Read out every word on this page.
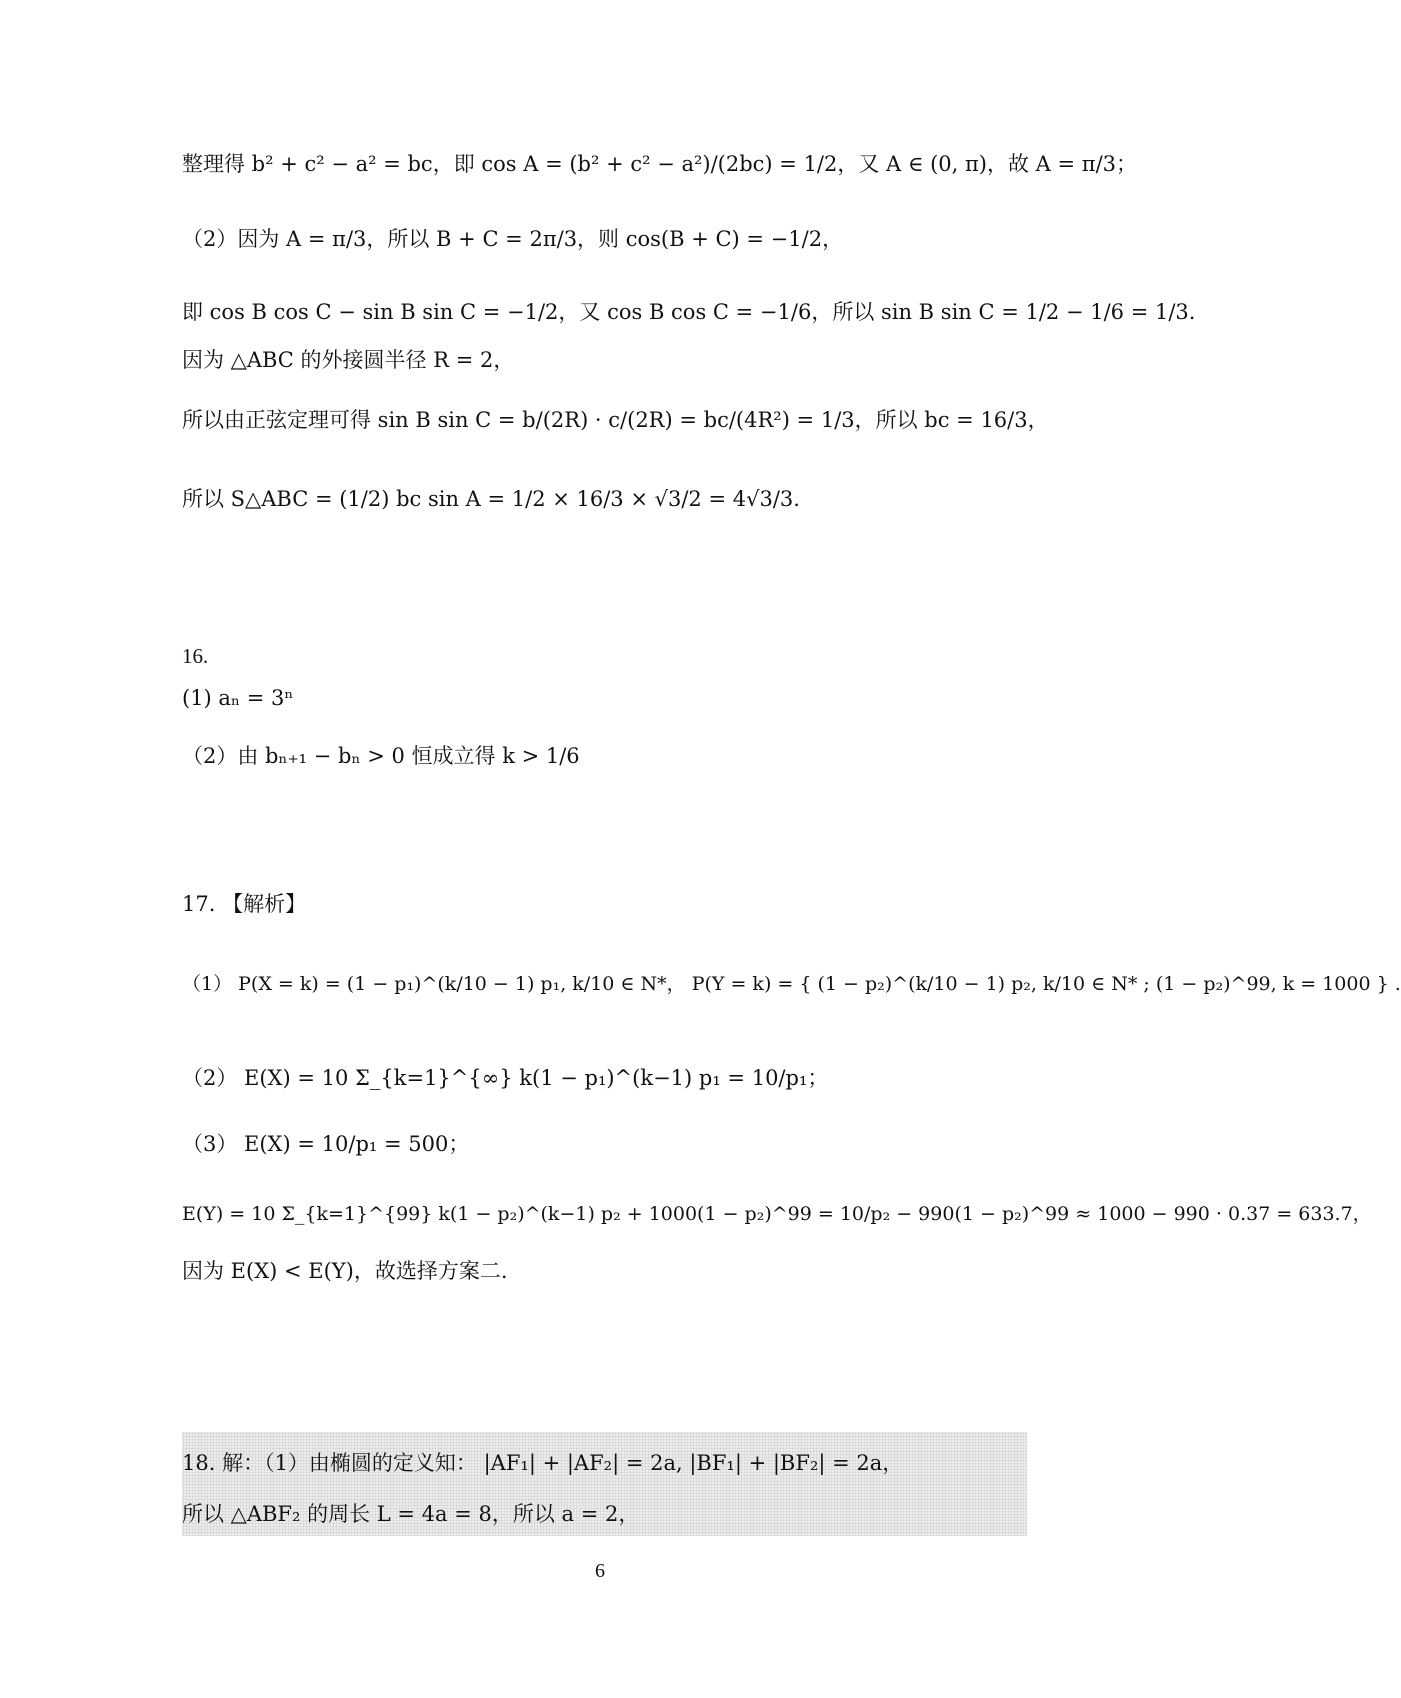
整理得 b² + c² − a² = bc，即 cos A = (b² + c² − a²)/(2bc) = 1/2，又 A ∈ (0, π)，故 A = π/3；
（2）因为 A = π/3，所以 B + C = 2π/3，则 cos(B + C) = −1/2，
即 cos B cos C − sin B sin C = −1/2，又 cos B cos C = −1/6，所以 sin B sin C = 1/2 − 1/6 = 1/3.
因为 △ABC 的外接圆半径 R = 2，
所以由正弦定理可得 sin B sin C = b/(2R) · c/(2R) = bc/(4R²) = 1/3，所以 bc = 16/3，
所以 S△ABC = (1/2) bc sin A = 1/2 × 16/3 × √3/2 = 4√3/3.
16.
(1) aₙ = 3ⁿ
（2）由 bₙ₊₁ − bₙ > 0 恒成立得 k > 1/6
17. 【解析】
（1） P(X = k) = (1 − p₁)^(k/10 − 1) p₁, k/10 ∈ N*， P(Y = k) = { (1 − p₂)^(k/10 − 1) p₂, k/10 ∈ N* ; (1 − p₂)^99, k = 1000 } .
（2） E(X) = 10 Σ_{k=1}^{∞} k(1 − p₁)^(k−1) p₁ = 10/p₁；
（3） E(X) = 10/p₁ = 500；
E(Y) = 10 Σ_{k=1}^{99} k(1 − p₂)^(k−1) p₂ + 1000(1 − p₂)^99 = 10/p₂ − 990(1 − p₂)^99 ≈ 1000 − 990 · 0.37 = 633.7，
因为 E(X) < E(Y)，故选择方案二.
18. 解：（1）由椭圆的定义知： |AF₁| + |AF₂| = 2a, |BF₁| + |BF₂| = 2a，
所以 △ABF₂ 的周长 L = 4a = 8，所以 a = 2，
6
